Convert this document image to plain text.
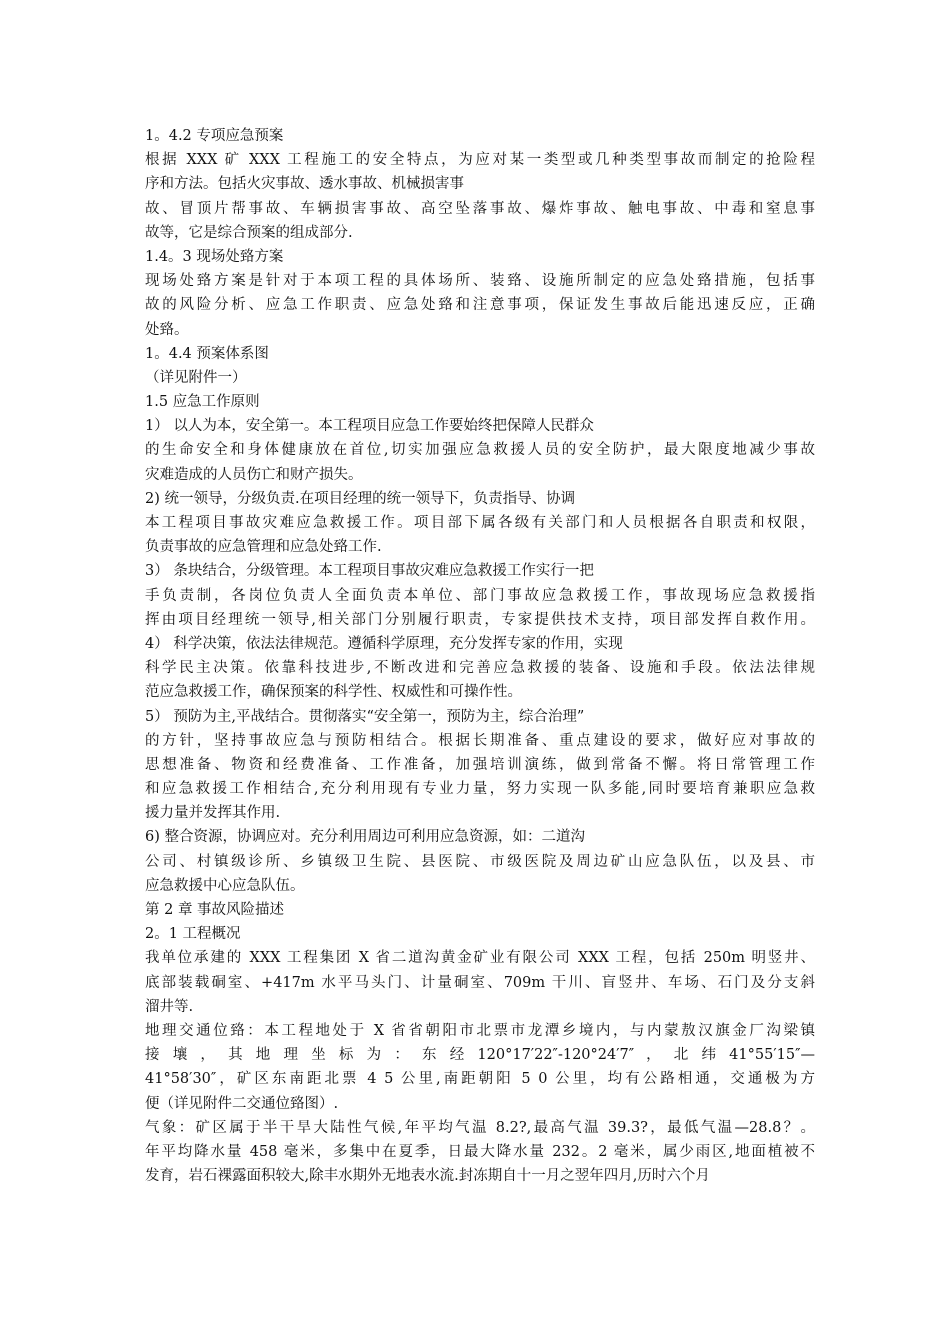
1。4.2 专项应急预案
根据 XXX 矿 XXX 工程施工的安全特点，为应对某一类型或几种类型事故而制定的抢险程
序和方法。包括火灾事故、透水事故、机械损害事
故、冒顶片帮事故、车辆损害事故、高空坠落事故、爆炸事故、触电事故、中毒和窒息事
故等，它是综合预案的组成部分.
1.4。3 现场处臵方案
现场处臵方案是针对于本项工程的具体场所、装臵、设施所制定的应急处臵措施，包括事
故的风险分析、应急工作职责、应急处臵和注意事项，保证发生事故后能迅速反应，正确
处臵。
1。4.4 预案体系图
（详见附件一）
1.5 应急工作原则
1） 以人为本，安全第一。本工程项目应急工作要始终把保障人民群众
的生命安全和身体健康放在首位,切实加强应急救援人员的安全防护，最大限度地减少事故
灾难造成的人员伤亡和财产损失。
2) 统一领导，分级负责.在项目经理的统一领导下，负责指导、协调
本工程项目事故灾难应急救援工作。项目部下属各级有关部门和人员根据各自职责和权限，
负责事故的应急管理和应急处臵工作.
3） 条块结合，分级管理。本工程项目事故灾难应急救援工作实行一把
手负责制，各岗位负责人全面负责本单位、部门事故应急救援工作，事故现场应急救援指
挥由项目经理统一领导,相关部门分别履行职责，专家提供技术支持，项目部发挥自救作用。
4） 科学决策，依法法律规范。遵循科学原理，充分发挥专家的作用，实现
科学民主决策。依靠科技进步,不断改进和完善应急救援的装备、设施和手段。依法法律规
范应急救援工作，确保预案的科学性、权威性和可操作性。
5） 预防为主,平战结合。贯彻落实“安全第一，预防为主，综合治理”
的方针，坚持事故应急与预防相结合。根据长期准备、重点建设的要求，做好应对事故的
思想准备、物资和经费准备、工作准备，加强培训演练，做到常备不懈。将日常管理工作
和应急救援工作相结合,充分利用现有专业力量，努力实现一队多能,同时要培育兼职应急救
援力量并发挥其作用.
6) 整合资源，协调应对。充分利用周边可利用应急资源，如：二道沟
公司、村镇级诊所、乡镇级卫生院、县医院、市级医院及周边矿山应急队伍，以及县、市
应急救援中心应急队伍。
第 2 章 事故风险描述
2。1 工程概况
我单位承建的 XXX 工程集团 X 省二道沟黄金矿业有限公司 XXX 工程，包括 250m 明竖井、
底部装载硐室、+417m 水平马头门、计量硐室、709m 干川、盲竖井、车场、石门及分支斜
溜井等.
地理交通位臵：本工程地处于 X 省省朝阳市北票市龙潭乡境内，与内蒙敖汉旗金厂沟梁镇
接 壤 ， 其 地 理 坐 标 为 ： 东 经 120°17′22″-120°24′7″ ， 北 纬 41°55′15″—
41°58′30″，矿区东南距北票 4 5 公里,南距朝阳 5 0 公里，均有公路相通，交通极为方
便（详见附件二交通位臵图）.
气象：矿区属于半干旱大陆性气候,年平均气温 8.2?,最高气温 39.3?，最低气温—28.8？。
年平均降水量 458 毫米，多集中在夏季，日最大降水量 232。2 毫米，属少雨区,地面植被不
发育，岩石裸露面积较大,除丰水期外无地表水流.封冻期自十一月之翌年四月,历时六个月
